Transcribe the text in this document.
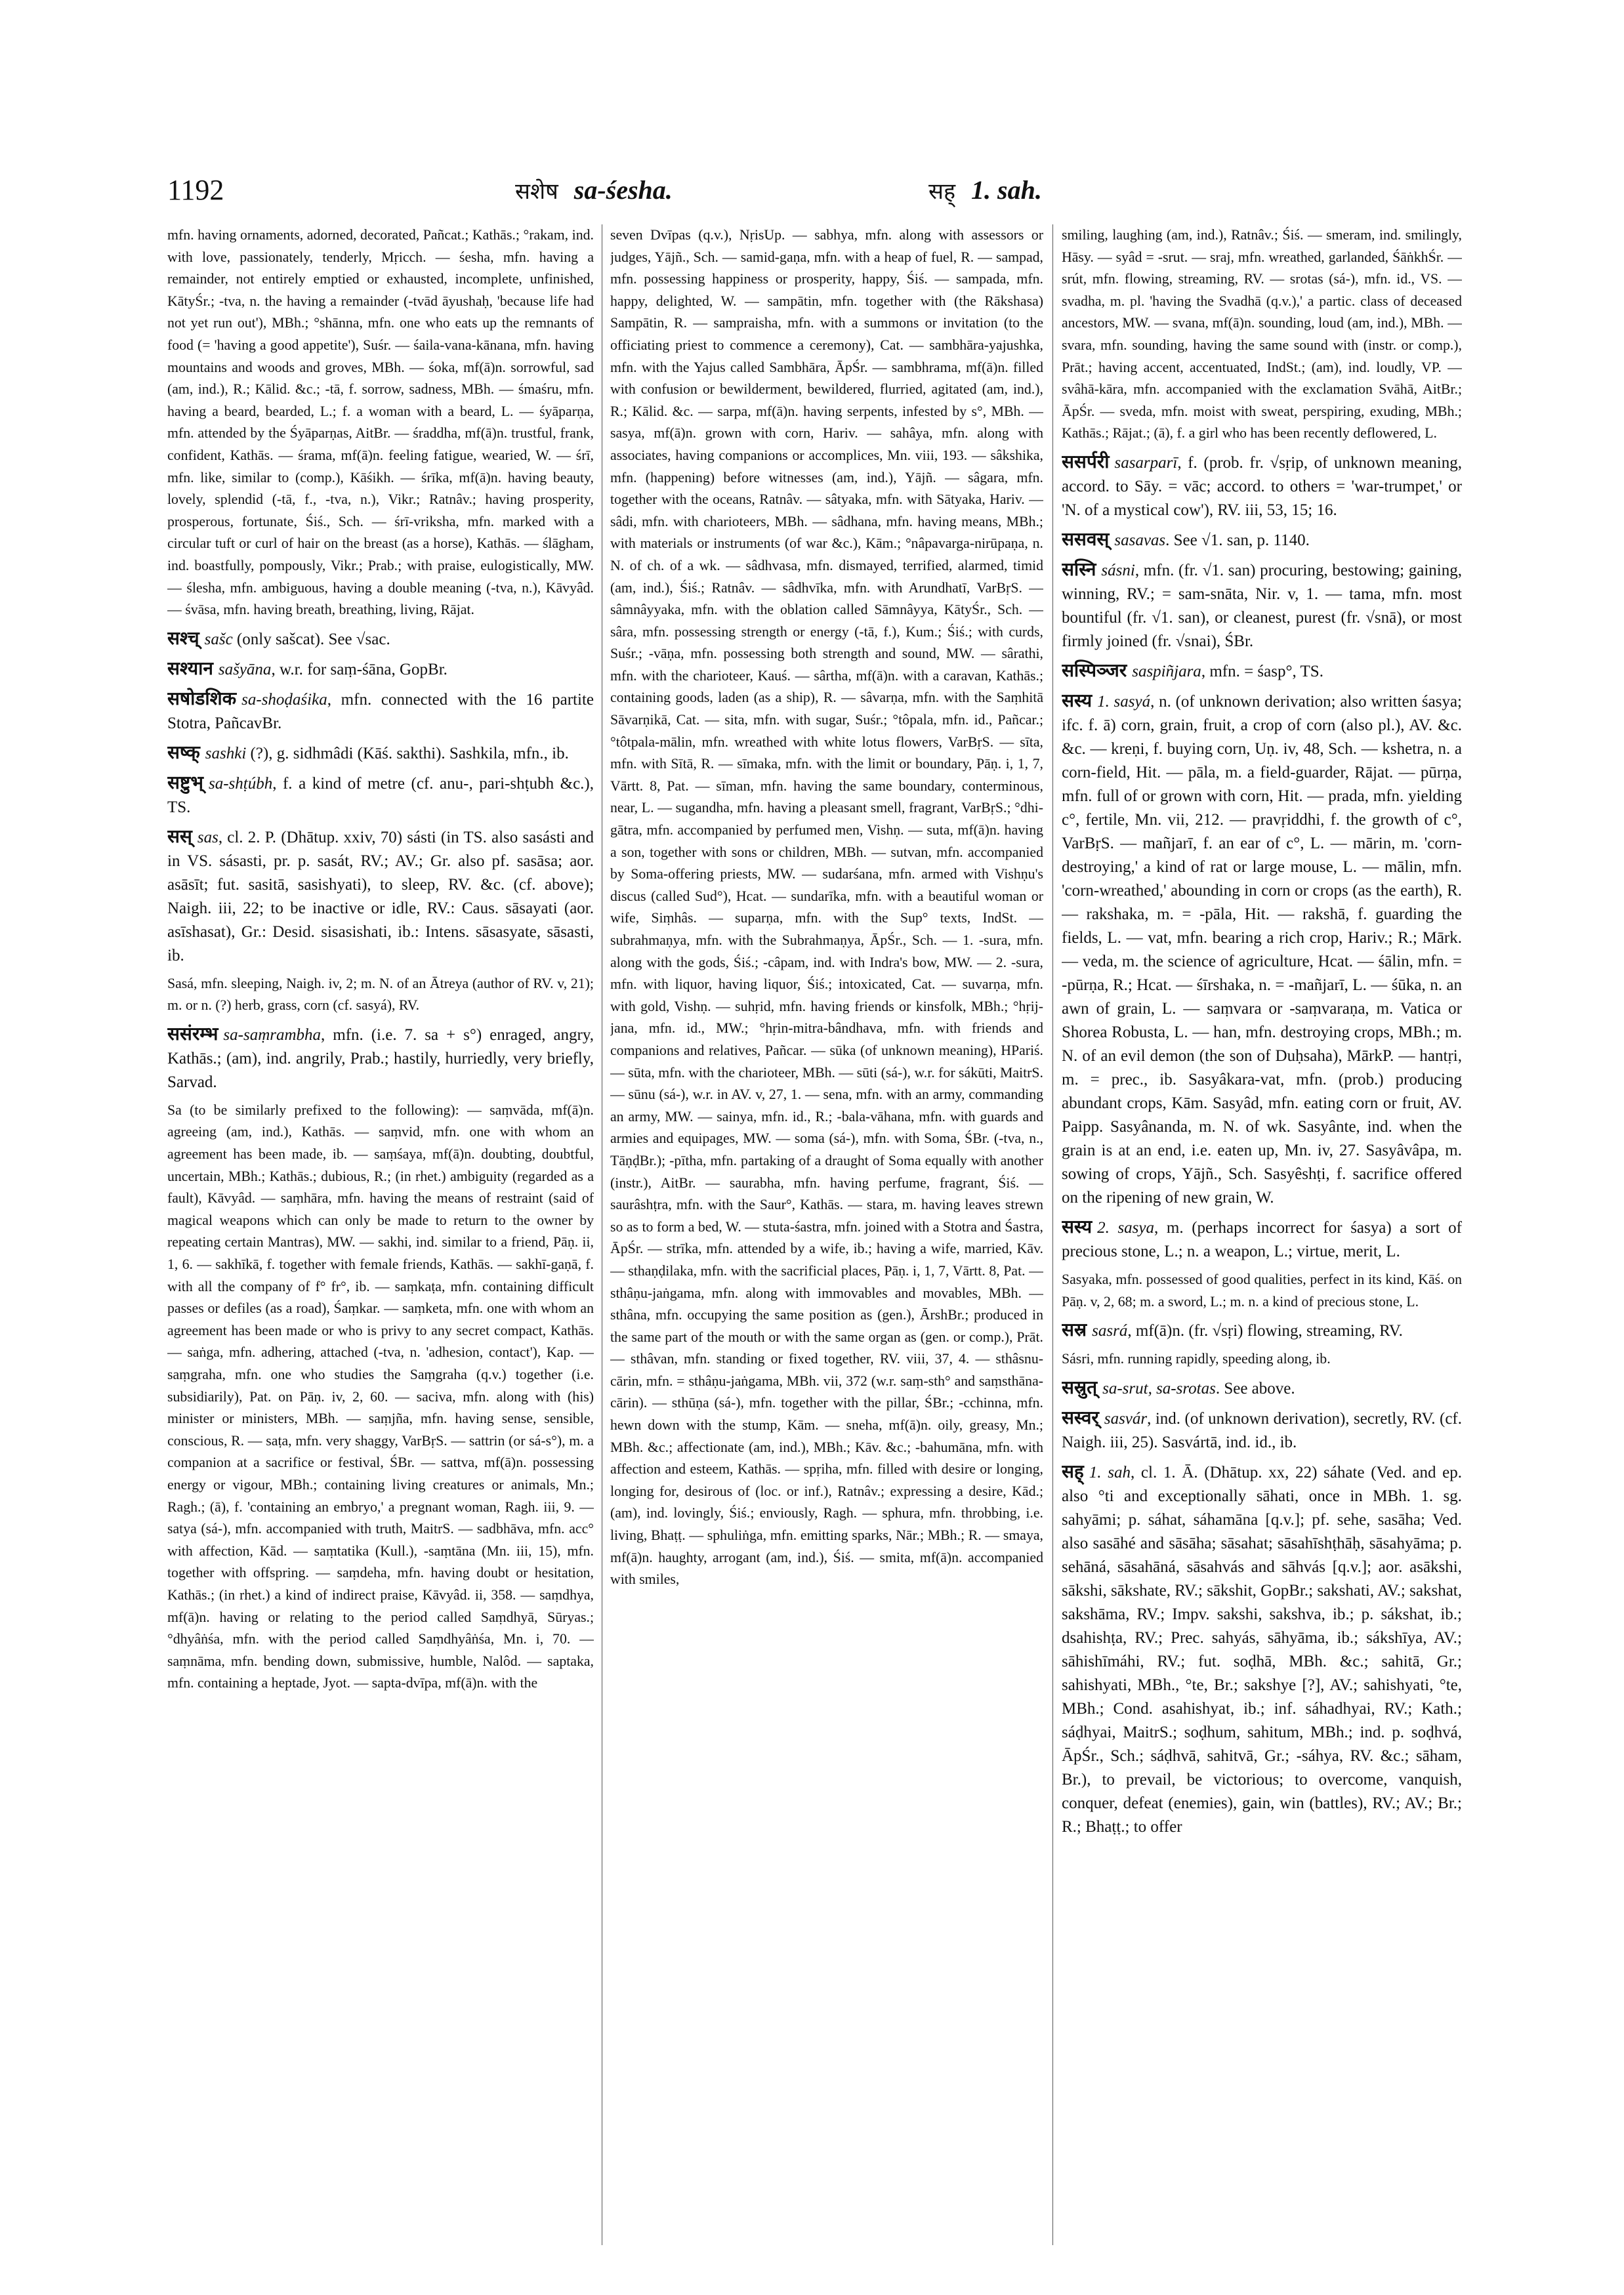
1192	सशेष sa-śesha.	सह् 1. sah.

mfn. having ornaments, adorned, decorated, Pañcat.; Kathās.; °rakam, ind. with love, passionately, tenderly, Mṛicch. — śesha, mfn. having a remainder, not entirely emptied or exhausted, incomplete, unfinished, KātyŚr.; -tva, n. the having a remainder (-tvād āyushaḥ, 'because life had not yet run out'), MBh.; °shānna, mfn. one who eats up the remnants of food (= 'having a good appetite'), Suśr. — śaila-vana-kānana, mfn. having mountains and woods and groves, MBh. — śoka, mf(ā)n. sorrowful, sad (am, ind.), R.; Kālid. &c.; -tā, f. sorrow, sadness, MBh. — śmaśru, mfn. having a beard, bearded, L.; f. a woman with a beard, L. — śyāparṇa, mfn. attended by the Śyāparṇas, AitBr. — śraddha, mf(ā)n. trustful, frank, confident, Kathās. — śrama, mf(ā)n. feeling fatigue, wearied, W. — śrī, mfn. like, similar to (comp.), Kāśikh. — śrīka, mf(ā)n. having beauty, lovely, splendid (-tā, f., -tva, n.), Vikr.; Ratnâv.; having prosperity, prosperous, fortunate, Śiś., Sch. — śrī-vriksha, mfn. marked with a circular tuft or curl of hair on the breast (as a horse), Kathās. — ślāgham, ind. boastfully, pompously, Vikr.; Prab.; with praise, eulogistically, MW. — ślesha, mfn. ambiguous, having a double meaning (-tva, n.), Kāvyâd. — śvāsa, mfn. having breath, breathing, living, Rājat.

सश्च् sašc (only sašcat). See √sac.
सश्यान sašyāna, w.r. for saṃ-śāna, GopBr.
सषोडशिक sa-shoḍaśika, mfn. connected with the 16 partite Stotra, PañcavBr.
सष्क् sashki (?), g. sidhmâdi (Kāś. sakthi). Sashkila, mfn., ib.
सष्टुभ् sa-shṭúbh, f. a kind of metre (cf. anu-, pari-shṭubh &c.), TS.
सस् sas, cl. 2. P. (Dhātup. xxiv, 70) sásti (in TS. also sasásti and in VS. sásasti, pr. p. sasát, RV.; AV.; Gr. also pf. sasāsa; aor. asāsīt; fut. sasitā, sasishyati), to sleep, RV. &c. (cf. above); Naigh. iii, 22; to be inactive or idle, RV.: Caus. sāsayati (aor. asīshasat), Gr.: Desid. sisasishati, ib.: Intens. sāsasyate, sāsasti, ib.

Sasá, mfn. sleeping, Naigh. iv, 2; m. N. of an Ātreya (author of RV. v, 21); m. or n. (?) herb, grass, corn (cf. sasyá), RV.

ससंरम्भ sa-saṃrambha, mfn. (i.e. 7. sa + s°) enraged, angry, Kathās.; (am), ind. angrily, Prab.; hastily, hurriedly, very briefly, Sarvad.

Sa (to be similarly prefixed to the following): — saṃvāda, mf(ā)n. agreeing (am, ind.), Kathās. — saṃvid, mfn. one with whom an agreement has been made, ib. — saṃśaya, mf(ā)n. doubting, doubtful, uncertain, MBh.; Kathās.; dubious, R.; (in rhet.) ambiguity (regarded as a fault), Kāvyâd. — saṃhāra, mfn. having the means of restraint (said of magical weapons which can only be made to return to the owner by repeating certain Mantras), MW. — sakhi, ind. similar to a friend, Pāṇ. ii, 1, 6. — sakhīkā, f. together with female friends, Kathās. — sakhī-gaṇā, f. with all the company of f° fr°, ib. — saṃkaṭa, mfn. containing difficult passes or defiles (as a road), Śaṃkar. — saṃketa, mfn. one with whom an agreement has been made or who is privy to any secret compact, Kathās. — saṅga, mfn. adhering, attached (-tva, n. 'adhesion, contact'), Kap. — saṃgraha, mfn. one who studies the Saṃgraha (q.v.) together (i.e. subsidiarily), Pat. on Pāṇ. iv, 2, 60. — saciva, mfn. along with (his) minister or ministers, MBh. — saṃjña, mfn. having sense, sensible, conscious, R. — saṭa, mfn. very shaggy, VarBṛS. — sattrin (or sá-s°), m. a companion at a sacrifice or festival, ŚBr. — sattva, mf(ā)n. possessing energy or vigour, MBh.; containing living creatures or animals, Mn.; Ragh.; (ā), f. 'containing an embryo,' a pregnant woman, Ragh. iii, 9. — satya (sá-), mfn. accompanied with truth, MaitrS. — sadbhāva, mfn. acc° with affection, Kād. — saṃtatika (Kull.), -saṃtāna (Mn. iii, 15), mfn. together with offspring. — saṃdeha, mfn. having doubt or hesitation, Kathās.; (in rhet.) a kind of indirect praise, Kāvyâd. ii, 358. — saṃdhya, mf(ā)n. having or relating to the period called Saṃdhyā, Sūryas.; °dhyâṅśa, mfn. with the period called Saṃdhyâṅśa, Mn. i, 70. — saṃnāma, mfn. bending down, submissive, humble, Nalôd. — saptaka, mfn. containing a heptade, Jyot. — sapta-dvīpa, mf(ā)n. with the

seven Dvīpas (q.v.), NṛisUp. — sabhya, mfn. along with assessors or judges, Yājñ., Sch. — samid-gaṇa, mfn. with a heap of fuel, R. — sampad, mfn. possessing happiness or prosperity, happy, Śiś. — sampada, mfn. happy, delighted, W. — sampātin, mfn. together with (the Rākshasa) Sampātin, R. — sampraisha, mfn. with a summons or invitation (to the officiating priest to commence a ceremony), Cat. — sambhāra-yajushka, mfn. with the Yajus called Sambhāra, ĀpŚr. — sambhrama, mf(ā)n. filled with confusion or bewilderment, bewildered, flurried, agitated (am, ind.), R.; Kālid. &c. — sarpa, mf(ā)n. having serpents, infested by s°, MBh. — sasya, mf(ā)n. grown with corn, Hariv. — sahâya, mfn. along with associates, having companions or accomplices, Mn. viii, 193. — sâkshika, mfn. (happening) before witnesses (am, ind.), Yājñ. — sâgara, mfn. together with the oceans, Ratnâv. — sâtyaka, mfn. with Sātyaka, Hariv. — sâdi, mfn. with charioteers, MBh. — sâdhana, mfn. having means, MBh.; with materials or instruments (of war &c.), Kām.; °nâpavarga-nirūpaṇa, n. N. of ch. of a wk. — sâdhvasa, mfn. dismayed, terrified, alarmed, timid (am, ind.), Śiś.; Ratnâv. — sâdhvīka, mfn. with Arundhatī, VarBṛS. — sâmnâyyaka, mfn. with the oblation called Sāmnâyya, KātyŚr., Sch. — sâra, mfn. possessing strength or energy (-tā, f.), Kum.; Śiś.; with curds, Suśr.; -vāṇa, mfn. possessing both strength and sound, MW. — sârathi, mfn. with the charioteer, Kauś. — sârtha, mf(ā)n. with a caravan, Kathās.; containing goods, laden (as a ship), R. — sâvarṇa, mfn. with the Saṃhitā Sāvarṇikā, Cat. — sita, mfn. with sugar, Suśr.; °tôpala, mfn. id., Pañcar.; °tôtpala-mālin, mfn. wreathed with white lotus flowers, VarBṛS. — sīta, mfn. with Sītā, R. — sīmaka, mfn. with the limit or boundary, Pāṇ. i, 1, 7, Vārtt. 8, Pat. — sīman, mfn. having the same boundary, conterminous, near, L. — sugandha, mfn. having a pleasant smell, fragrant, VarBṛS.; °dhi-gātra, mfn. accompanied by perfumed men, Vishṇ. — suta, mf(ā)n. having a son, together with sons or children, MBh. — sutvan, mfn. accompanied by Soma-offering priests, MW. — sudarśana, mfn. armed with Vishṇu's discus (called Sud°), Hcat. — sundarīka, mfn. with a beautiful woman or wife, Siṃhâs. — suparṇa, mfn. with the Sup° texts, IndSt. — subrahmaṇya, mfn. with the Subrahmaṇya, ĀpŚr., Sch. — 1. -sura, mfn. along with the gods, Śiś.; -câpam, ind. with Indra's bow, MW. — 2. -sura, mfn. with liquor, having liquor, Śiś.; intoxicated, Cat. — suvarṇa, mfn. with gold, Vishṇ. — suhṛid, mfn. having friends or kinsfolk, MBh.; °hṛij-jana, mfn. id., MW.; °hṛin-mitra-bândhava, mfn. with friends and companions and relatives, Pañcar. — sūka (of unknown meaning), HPariś. — sūta, mfn. with the charioteer, MBh. — sūti (sá-), w.r. for sákūti, MaitrS. — sūnu (sá-), w.r. in AV. v, 27, 1. — sena, mfn. with an army, commanding an army, MW. — sainya, mfn. id., R.; -bala-vāhana, mfn. with guards and armies and equipages, MW. — soma (sá-), mfn. with Soma, ŚBr. (-tva, n., TāṇḍBr.); -pītha, mfn. partaking of a draught of Soma equally with another (instr.), AitBr. — saurabha, mfn. having perfume, fragrant, Śiś. — saurâshṭra, mfn. with the Saur°, Kathās. — stara, m. having leaves strewn so as to form a bed, W. — stuta-śastra, mfn. joined with a Stotra and Śastra, ĀpŚr. — strīka, mfn. attended by a wife, ib.; having a wife, married, Kāv. — sthaṇḍilaka, mfn. with the sacrificial places, Pāṇ. i, 1, 7, Vārtt. 8, Pat. — sthâṇu-jaṅgama, mfn. along with immovables and movables, MBh. — sthâna, mfn. occupying the same position as (gen.), ĀrshBr.; produced in the same part of the mouth or with the same organ as (gen. or comp.), Prāt. — sthâvan, mfn. standing or fixed together, RV. viii, 37, 4. — sthâsnu-cārin, mfn. = sthâṇu-jaṅgama, MBh. vii, 372 (w.r. saṃ-sth° and saṃsthāna-cārin). — sthūṇa (sá-), mfn. together with the pillar, ŚBr.; -cchinna, mfn. hewn down with the stump, Kām. — sneha, mf(ā)n. oily, greasy, Mn.; MBh. &c.; affectionate (am, ind.), MBh.; Kāv. &c.; -bahumāna, mfn. with affection and esteem, Kathās. — spṛiha, mfn. filled with desire or longing, longing for, desirous of (loc. or inf.), Ratnâv.; expressing a desire, Kād.; (am), ind. lovingly, Śiś.; enviously, Ragh. — sphura, mfn. throbbing, i.e. living, Bhaṭṭ. — sphuliṅga, mfn. emitting sparks, Nār.; MBh.; R. — smaya, mf(ā)n. haughty, arrogant (am, ind.), Śiś. — smita, mf(ā)n. accompanied with smiles,

smiling, laughing (am, ind.), Ratnâv.; Śiś. — smeram, ind. smilingly, Hāsy. — syâd = -srut. — sraj, mfn. wreathed, garlanded, ŚāṅkhŚr. — srút, mfn. flowing, streaming, RV. — srotas (sá-), mfn. id., VS. — svadha, m. pl. 'having the Svadhā (q.v.),' a partic. class of deceased ancestors, MW. — svana, mf(ā)n. sounding, loud (am, ind.), MBh. — svara, mfn. sounding, having the same sound with (instr. or comp.), Prāt.; having accent, accentuated, IndSt.; (am), ind. loudly, VP. — svâhā-kāra, mfn. accompanied with the exclamation Svāhā, AitBr.; ĀpŚr. — sveda, mfn. moist with sweat, perspiring, exuding, MBh.; Kathās.; Rājat.; (ā), f. a girl who has been recently deflowered, L.

ससर्परी sasarparī, f. (prob. fr. √sṛip, of unknown meaning, accord. to Sāy. = vāc; accord. to others = 'war-trumpet,' or 'N. of a mystical cow'), RV. iii, 53, 15; 16.
ससवस् sasavas. See √1. san, p. 1140.
सस्नि sásni, mfn. (fr. √1. san) procuring, bestowing; gaining, winning, RV.; = sam-snāta, Nir. v, 1. — tama, mfn. most bountiful (fr. √1. san), or cleanest, purest (fr. √snā), or most firmly joined (fr. √snai), ŚBr.
सस्पिञ्जर saspiñjara, mfn. = śasp°, TS.
सस्य 1. sasyá, n. (of unknown derivation; also written śasya; ifc. f. ā) corn, grain, fruit, a crop of corn (also pl.), AV. &c. &c. — kreṇi, f. buying corn, Uṇ. iv, 48, Sch. — kshetra, n. a corn-field, Hit. — pāla, m. a field-guarder, Rājat. — pūrṇa, mfn. full of or grown with corn, Hit. — prada, mfn. yielding c°, fertile, Mn. vii, 212. — pravṛiddhi, f. the growth of c°, VarBṛS. — mañjarī, f. an ear of c°, L. — mārin, m. 'corn-destroying,' a kind of rat or large mouse, L. — mālin, mfn. 'corn-wreathed,' abounding in corn or crops (as the earth), R. — rakshaka, m. = -pāla, Hit. — rakshā, f. guarding the fields, L. — vat, mfn. bearing a rich crop, Hariv.; R.; Mārk. — veda, m. the science of agriculture, Hcat. — śālin, mfn. = -pūrṇa, R.; Hcat. — śīrshaka, n. = -mañjarī, L. — śūka, n. an awn of grain, L. — saṃvara or -saṃvaraṇa, m. Vatica or Shorea Robusta, L. — han, mfn. destroying crops, MBh.; m. N. of an evil demon (the son of Duḥsaha), MārkP. — hantṛi, m. = prec., ib. Sasyâkara-vat, mfn. (prob.) producing abundant crops, Kām. Sasyâd, mfn. eating corn or fruit, AV. Paipp. Sasyânanda, m. N. of wk. Sasyânte, ind. when the grain is at an end, i.e. eaten up, Mn. iv, 27. Sasyâvâpa, m. sowing of crops, Yājñ., Sch. Sasyêshṭi, f. sacrifice offered on the ripening of new grain, W.
सस्य 2. sasya, m. (perhaps incorrect for śasya) a sort of precious stone, L.; n. a weapon, L.; virtue, merit, L.

Sasyaka, mfn. possessed of good qualities, perfect in its kind, Kāś. on Pāṇ. v, 2, 68; m. a sword, L.; m. n. a kind of precious stone, L.

सस्र sasrá, mf(ā)n. (fr. √sṛi) flowing, streaming, RV.

Sásri, mfn. running rapidly, speeding along, ib.

सस्रुत् sa-srut, sa-srotas. See above.
सस्वर् sasvár, ind. (of unknown derivation), secretly, RV. (cf. Naigh. iii, 25). Sasvártā, ind. id., ib.
सह् 1. sah, cl. 1. Ā. (Dhātup. xx, 22) sáhate (Ved. and ep. also °ti and exceptionally sāhati, once in MBh. 1. sg. sahyāmi; p. sáhat, sáhamāna [q.v.]; pf. sehe, sasāha; Ved. also sasāhé and sāsāha; sāsahat; sāsahīshṭhāḥ, sāsahyāma; p. sehāná, sāsahāná, sāsahvás and sāhvás [q.v.]; aor. asākshi, sākshi, sākshate, RV.; sākshit, GopBr.; sakshati, AV.; sakshat, sakshāma, RV.; Impv. sakshi, sakshva, ib.; p. sákshat, ib.; dsahishṭa, RV.; Prec. sahyás, sāhyāma, ib.; sákshīya, AV.; sāhishīmáhi, RV.; fut. soḍhā, MBh. &c.; sahitā, Gr.; sahishyati, MBh., °te, Br.; sakshye [?], AV.; sahishyati, °te, MBh.; Cond. asahishyat, ib.; inf. sáhadhyai, RV.; Kath.; sáḍhyai, MaitrS.; soḍhum, sahitum, MBh.; ind. p. soḍhvá, ĀpŚr., Sch.; sáḍhvā, sahitvā, Gr.; -sáhya, RV. &c.; sāham, Br.), to prevail, be victorious; to overcome, vanquish, conquer, defeat (enemies), gain, win (battles), RV.; AV.; Br.; R.; Bhaṭṭ.; to offer
